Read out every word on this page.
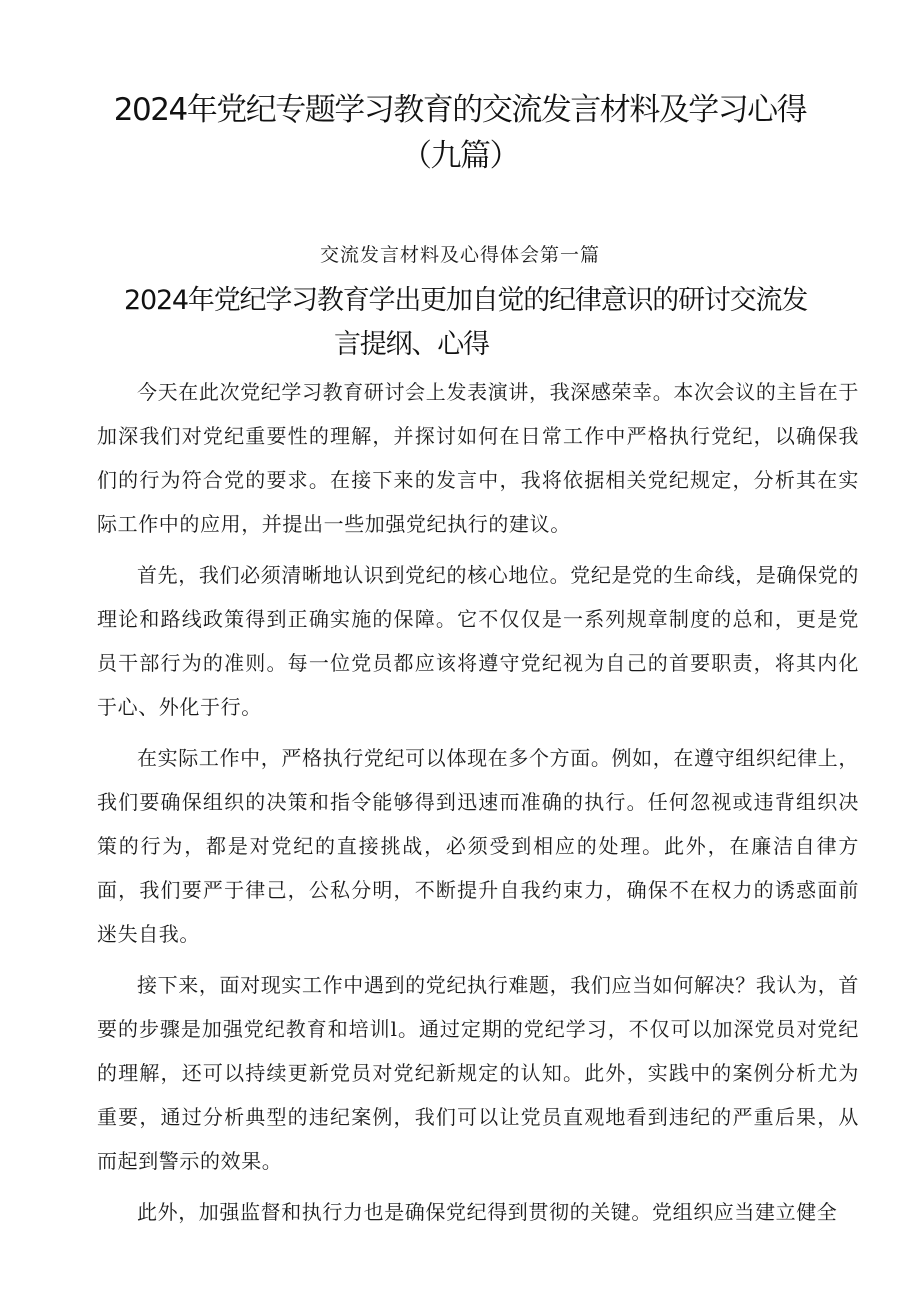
2024年党纪专题学习教育的交流发言材料及学习心得
（九篇）
交流发言材料及心得体会第一篇
2024年党纪学习教育学出更加自觉的纪律意识的研讨交流发
言提纲、心得

今天在此次党纪学习教育研讨会上发表演讲，我深感荣幸。本次会议的主旨在于加深我们对党纪重要性的理解，并探讨如何在日常工作中严格执行党纪，以确保我们的行为符合党的要求。在接下来的发言中，我将依据相关党纪规定，分析其在实际工作中的应用，并提出一些加强党纪执行的建议。

首先，我们必须清晰地认识到党纪的核心地位。党纪是党的生命线，是确保党的理论和路线政策得到正确实施的保障。它不仅仅是一系列规章制度的总和，更是党员干部行为的准则。每一位党员都应该将遵守党纪视为自己的首要职责，将其内化于心、外化于行。

在实际工作中，严格执行党纪可以体现在多个方面。例如，在遵守组织纪律上，我们要确保组织的决策和指令能够得到迅速而准确的执行。任何忽视或违背组织决策的行为，都是对党纪的直接挑战，必须受到相应的处理。此外，在廉洁自律方面，我们要严于律己，公私分明，不断提升自我约束力，确保不在权力的诱惑面前迷失自我。

接下来，面对现实工作中遇到的党纪执行难题，我们应当如何解决？我认为，首要的步骤是加强党纪教育和培训l。通过定期的党纪学习，不仅可以加深党员对党纪的理解，还可以持续更新党员对党纪新规定的认知。此外，实践中的案例分析尤为重要，通过分析典型的违纪案例，我们可以让党员直观地看到违纪的严重后果，从而起到警示的效果。

此外，加强监督和执行力也是确保党纪得到贯彻的关键。党组织应当建立健全
